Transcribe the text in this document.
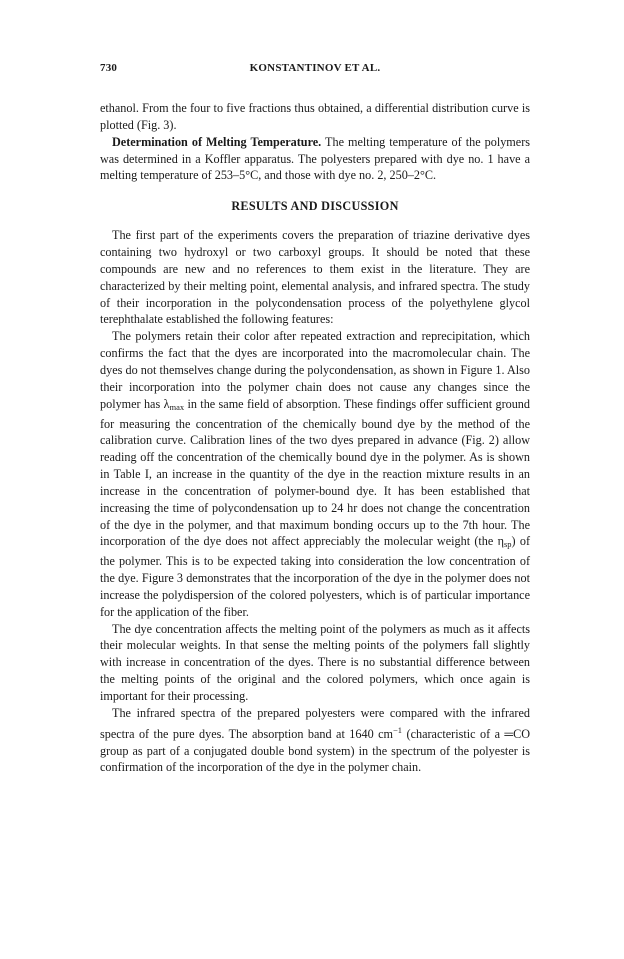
730	KONSTANTINOV ET AL.

ethanol. From the four to five fractions thus obtained, a differential distribution curve is plotted (Fig. 3).

Determination of Melting Temperature. The melting temperature of the polymers was determined in a Koffler apparatus. The polyesters prepared with dye no. 1 have a melting temperature of 253–5°C, and those with dye no. 2, 250–2°C.

RESULTS AND DISCUSSION

The first part of the experiments covers the preparation of triazine derivative dyes containing two hydroxyl or two carboxyl groups. It should be noted that these compounds are new and no references to them exist in the literature. They are characterized by their melting point, elemental analysis, and infrared spectra. The study of their incorporation in the polycondensation process of the polyethylene glycol terephthalate established the following features:

The polymers retain their color after repeated extraction and reprecipitation, which confirms the fact that the dyes are incorporated into the macromolecular chain. The dyes do not themselves change during the polycondensation, as shown in Figure 1. Also their incorporation into the polymer chain does not cause any changes since the polymer has $\lambda_{max}$ in the same field of absorption. These findings offer sufficient ground for measuring the concentration of the chemically bound dye by the method of the calibration curve. Calibration lines of the two dyes prepared in advance (Fig. 2) allow reading off the concentration of the chemically bound dye in the polymer. As is shown in Table I, an increase in the quantity of the dye in the reaction mixture results in an increase in the concentration of polymer-bound dye. It has been established that increasing the time of polycondensation up to 24 hr does not change the concentration of the dye in the polymer, and that maximum bonding occurs up to the 7th hour. The incorporation of the dye does not affect appreciably the molecular weight (the $\eta_{sp}$) of the polymer. This is to be expected taking into consideration the low concentration of the dye. Figure 3 demonstrates that the incorporation of the dye in the polymer does not increase the polydispersion of the colored polyesters, which is of particular importance for the application of the fiber.

The dye concentration affects the melting point of the polymers as much as it affects their molecular weights. In that sense the melting points of the polymers fall slightly with increase in concentration of the dyes. There is no substantial difference between the melting points of the original and the colored polymers, which once again is important for their processing.

The infrared spectra of the prepared polyesters were compared with the infrared spectra of the pure dyes. The absorption band at 1640 $cm^{-1}$ (characteristic of a ═CO group as part of a conjugated double bond system) in the spectrum of the polyester is confirmation of the incorporation of the dye in the polymer chain.
